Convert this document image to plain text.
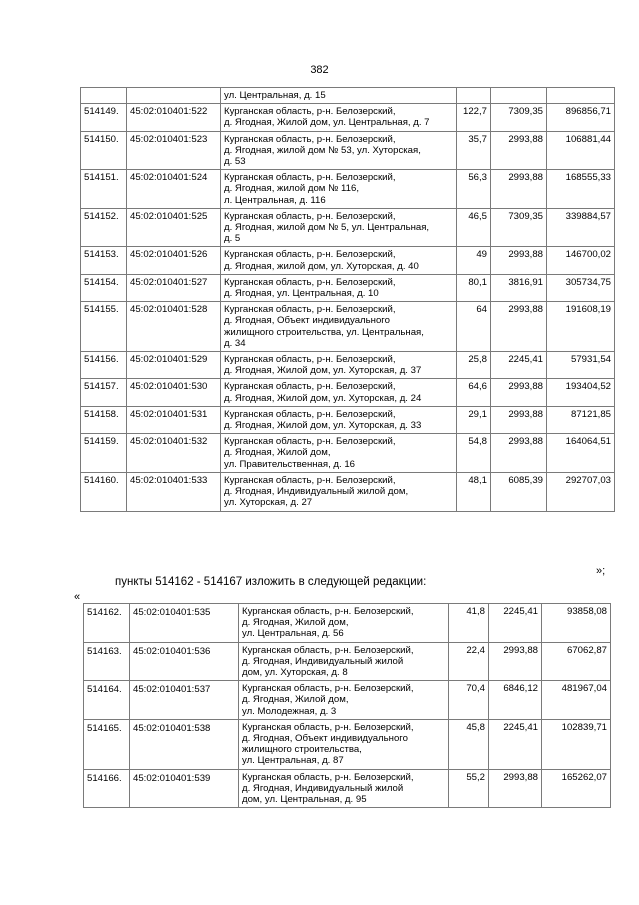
382

		ул. Центральная, д. 15			

514149.	45:02:010401:522	Курганская область, р-н. Белозерский,
д. Ягодная, Жилой дом, ул. Центральная, д. 7	122,7	7309,35	896856,71
514150.	45:02:010401:523	Курганская область, р-н. Белозерский,
д. Ягодная, жилой дом № 53, ул. Хуторская,
д. 53	35,7	2993,88	106881,44
514151.	45:02:010401:524	Курганская область, р-н. Белозерский,
д. Ягодная, жилой дом № 116,
л. Центральная, д. 116	56,3	2993,88	168555,33
514152.	45:02:010401:525	Курганская область, р-н. Белозерский,
д. Ягодная, жилой дом № 5, ул. Центральная,
д. 5	46,5	7309,35	339884,57
514153.	45:02:010401:526	Курганская область, р-н. Белозерский,
д. Ягодная, жилой дом, ул. Хуторская, д. 40	49	2993,88	146700,02
514154.	45:02:010401:527	Курганская область, р-н. Белозерский,
д. Ягодная, ул. Центральная, д. 10	80,1	3816,91	305734,75
514155.	45:02:010401:528	Курганская область, р-н. Белозерский,
д. Ягодная, Объект индивидуального
жилищного строительства, ул. Центральная,
д. 34	64	2993,88	191608,19
514156.	45:02:010401:529	Курганская область, р-н. Белозерский,
д. Ягодная, Жилой дом, ул. Хуторская, д. 37	25,8	2245,41	57931,54
514157.	45:02:010401:530	Курганская область, р-н. Белозерский,
д. Ягодная, Жилой дом, ул. Хуторская, д. 24	64,6	2993,88	193404,52
514158.	45:02:010401:531	Курганская область, р-н. Белозерский,
д. Ягодная, Жилой дом, ул. Хуторская, д. 33	29,1	2993,88	87121,85
514159.	45:02:010401:532	Курганская область, р-н. Белозерский,
д. Ягодная, Жилой дом,
ул. Правительственная, д. 16	54,8	2993,88	164064,51
514160.	45:02:010401:533	Курганская область, р-н. Белозерский,
д. Ягодная, Индивидуальный жилой дом,
ул. Хуторская, д. 27	48,1	6085,39	292707,03
»;
пункты 514162 - 514167 изложить в следующей редакции:
«
514162.	45:02:010401:535	Курганская область, р-н. Белозерский,
д. Ягодная, Жилой дом,
ул. Центральная, д. 56	41,8	2245,41	93858,08
514163.	45:02:010401:536	Курганская область, р-н. Белозерский,
д. Ягодная, Индивидуальный жилой
дом, ул. Хуторская, д. 8	22,4	2993,88	67062,87
514164.	45:02:010401:537	Курганская область, р-н. Белозерский,
д. Ягодная, Жилой дом,
ул. Молодежная, д. 3	70,4	6846,12	481967,04
514165.	45:02:010401:538	Курганская область, р-н. Белозерский,
д. Ягодная, Объект индивидуального
жилищного строительства,
ул. Центральная, д. 87	45,8	2245,41	102839,71
514166.	45:02:010401:539	Курганская область, р-н. Белозерский,
д. Ягодная, Индивидуальный жилой
дом, ул. Центральная, д. 95	55,2	2993,88	165262,07
